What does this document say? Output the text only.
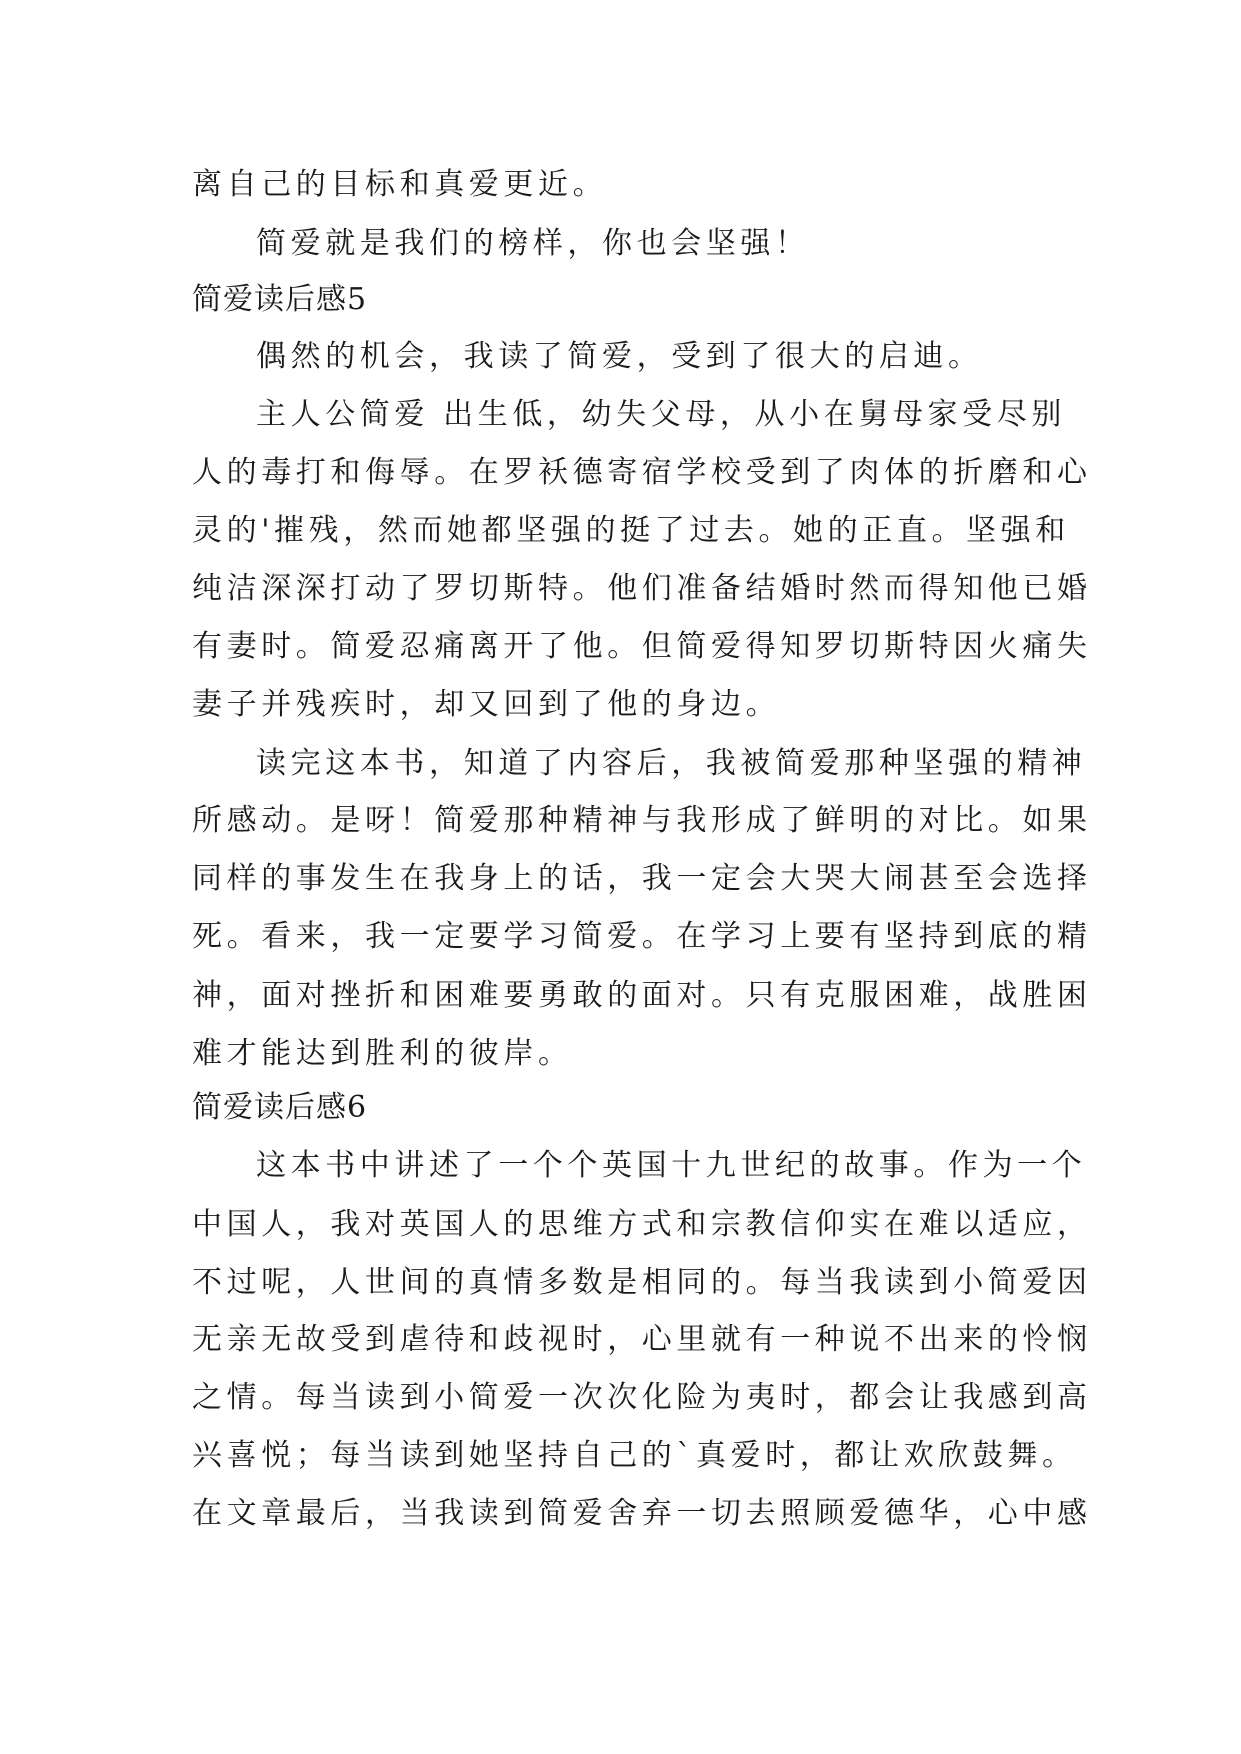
离自己的目标和真爱更近。
简爱就是我们的榜样，你也会坚强！
简爱读后感5
偶然的机会，我读了简爱，受到了很大的启迪。
主人公简爱 出生低，幼失父母，从小在舅母家受尽别
人的毒打和侮辱。在罗袄德寄宿学校受到了肉体的折磨和心
灵的'摧残，然而她都坚强的挺了过去。她的正直。坚强和
纯洁深深打动了罗切斯特。他们准备结婚时然而得知他已婚
有妻时。简爱忍痛离开了他。但简爱得知罗切斯特因火痛失
妻子并残疾时，却又回到了他的身边。
读完这本书，知道了内容后，我被简爱那种坚强的精神
所感动。是呀！简爱那种精神与我形成了鲜明的对比。如果
同样的事发生在我身上的话，我一定会大哭大闹甚至会选择
死。看来，我一定要学习简爱。在学习上要有坚持到底的精
神，面对挫折和困难要勇敢的面对。只有克服困难，战胜困
难才能达到胜利的彼岸。
简爱读后感6
这本书中讲述了一个个英国十九世纪的故事。作为一个
中国人，我对英国人的思维方式和宗教信仰实在难以适应，
不过呢，人世间的真情多数是相同的。每当我读到小简爱因
无亲无故受到虐待和歧视时，心里就有一种说不出来的怜悯
之情。每当读到小简爱一次次化险为夷时，都会让我感到高
兴喜悦；每当读到她坚持自己的`真爱时，都让欢欣鼓舞。
在文章最后，当我读到简爱舍弃一切去照顾爱德华，心中感
